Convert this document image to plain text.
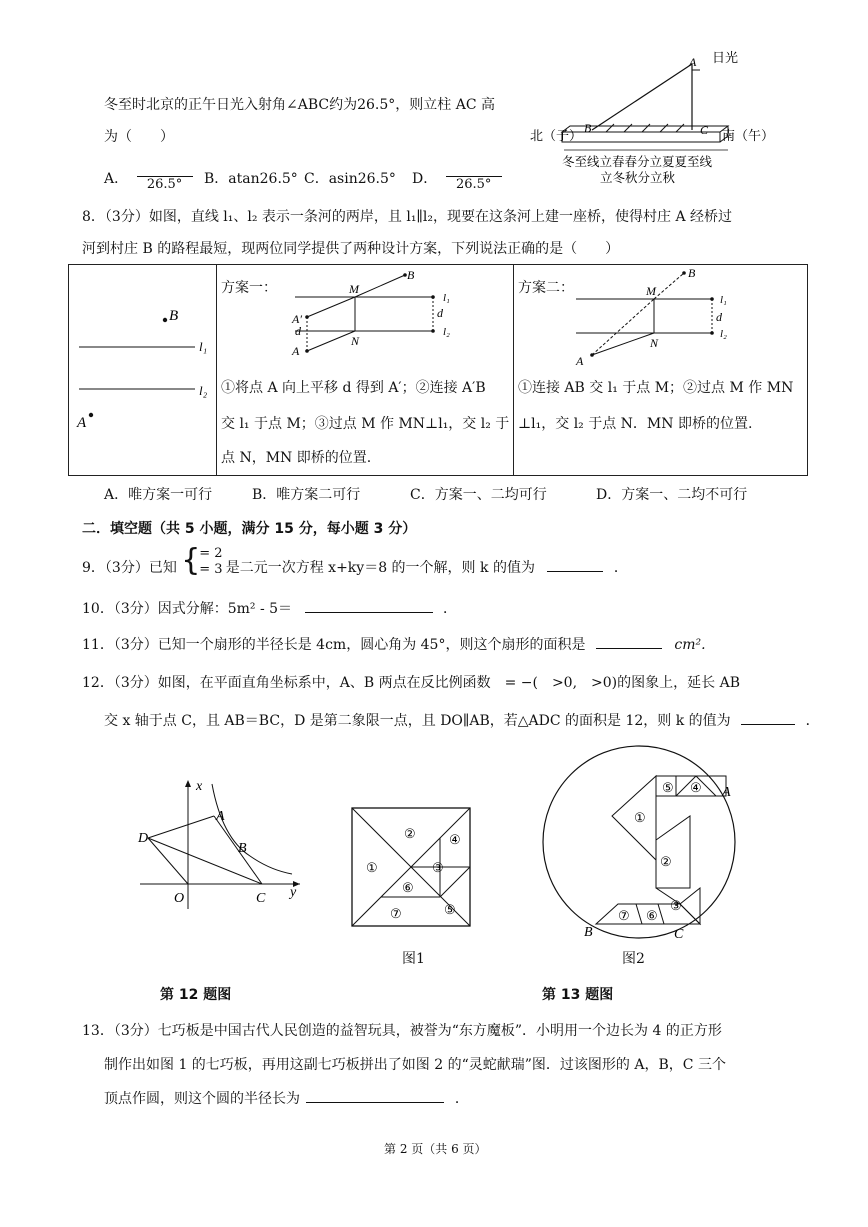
冬至时北京的正午日光入射角∠ABC约为26.5°，则立柱 AC 高
为（　　）
A．	26.5°	B．atan26.5° C．asin26.5° D．	26.5°
A
B	C
日光
北（子）	南（午）
冬至线立春春分立夏夏至线
立冬秋分立秋
8．（3分）如图，直线 l₁、l₂ 表示一条河的两岸，且 l₁∥l₂，现要在这条河上建一座桥，使得村庄 A 经桥过
河到村庄 B 的路程最短，现两位同学提供了两种设计方案，下列说法正确的是（　　）
B
l₁
l₂
A

方案一：	M
N
B
A′
d
A
d
l₁
l₂
①将点 A 向上平移 d 得到 A′；②连接 A′B
交 l₁ 于点 M；③过点 M 作 MN⊥l₁，交 l₂ 于
点 N，MN 即桥的位置.

方案二：	M
N
B
A
d
l₁
l₂
①连接 AB 交 l₁ 于点 M；②过点 M 作 MN
⊥l₁，交 l₂ 于点 N．MN 即桥的位置.
A．唯方案一可行	B．唯方案二可行	C．方案一、二均可行	D．方案一、二均不可行
二．填空题（共 5 小题，满分 15 分，每小题 3 分）
9．（3分）已知 {
= 2
= 3 是二元一次方程 x+ky＝8 的一个解，则 k 的值为	．
10．（3分）因式分解：5m² - 5＝	．
11．（3分）已知一个扇形的半径长是 4cm，圆心角为 45°，则这个扇形的面积是	cm².
12．（3分）如图，在平面直角坐标系中，A、B 两点在反比例函数　= −(　>0,　>0)的图象上，延长 AB
交 x 轴于点 C，且 AB＝BC，D 是第二象限一点，且 DO∥AB，若△ADC 的面积是 12，则 k 的值为	．
x
y
O
A
B
C
D	②
①
④
③
⑥
⑤
⑦
图1
⑤ ④
①
②
⑦ ⑥
③
A
B	C
图2
第 12 题图	第 13 题图
13．（3分）七巧板是中国古代人民创造的益智玩具，被誉为“东方魔板”．小明用一个边长为 4 的正方形
制作出如图 1 的七巧板，再用这副七巧板拼出了如图 2 的“灵蛇献瑞”图．过该图形的 A，B，C 三个
顶点作圆，则这个圆的半径长为	．
第 2 页（共 6 页）
